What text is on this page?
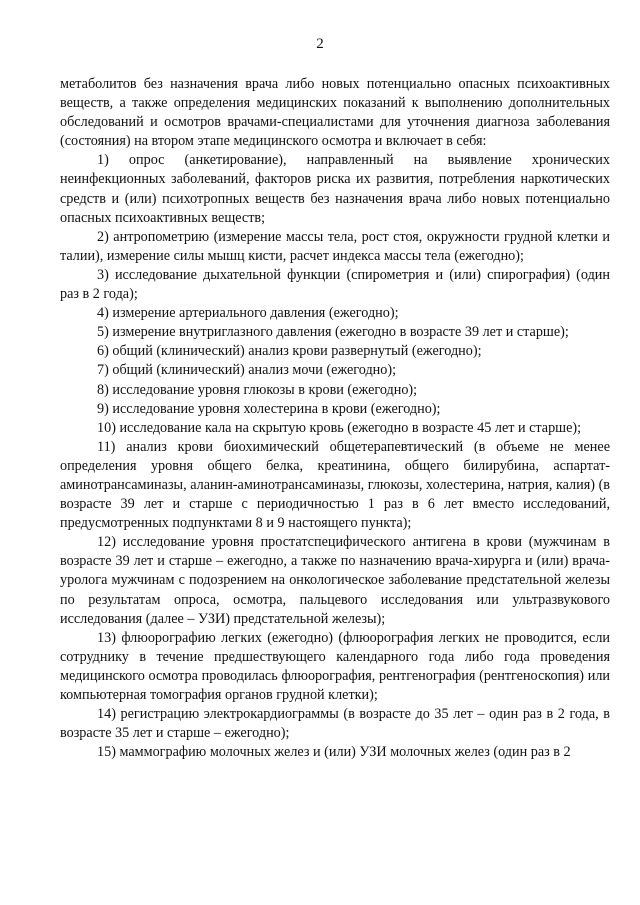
2

метаболитов без назначения врача либо новых потенциально опасных психоактивных веществ, а также определения медицинских показаний к выполнению дополнительных обследований и осмотров врачами-специалистами для уточнения диагноза заболевания (состояния) на втором этапе медицинского осмотра и включает в себя:

1) опрос (анкетирование), направленный на выявление хронических неинфекционных заболеваний, факторов риска их развития, потребления наркотических средств и (или) психотропных веществ без назначения врача либо новых потенциально опасных психоактивных веществ;

2) антропометрию (измерение массы тела, рост стоя, окружности грудной клетки и талии), измерение силы мышц кисти, расчет индекса массы тела (ежегодно);

3) исследование дыхательной функции (спирометрия и (или) спирография) (один раз в 2 года);

4) измерение артериального давления (ежегодно);

5) измерение внутриглазного давления (ежегодно в возрасте 39 лет и старше);

6) общий (клинический) анализ крови развернутый (ежегодно);

7) общий (клинический) анализ мочи (ежегодно);

8) исследование уровня глюкозы в крови (ежегодно);

9) исследование уровня холестерина в крови (ежегодно);

10) исследование кала на скрытую кровь (ежегодно в возрасте 45 лет и старше);

11) анализ крови биохимический общетерапевтический (в объеме не менее определения уровня общего белка, креатинина, общего билирубина, аспартат-аминотрансаминазы, аланин-аминотрансаминазы, глюкозы, холестерина, натрия, калия) (в возрасте 39 лет и старше с периодичностью 1 раз в 6 лет вместо исследований, предусмотренных подпунктами 8 и 9 настоящего пункта);

12) исследование уровня простатспецифического антигена в крови (мужчинам в возрасте 39 лет и старше – ежегодно, а также по назначению врача-хирурга и (или) врача-уролога мужчинам с подозрением на онкологическое заболевание предстательной железы по результатам опроса, осмотра, пальцевого исследования или ультразвукового исследования (далее – УЗИ) предстательной железы);

13) флюорографию легких (ежегодно) (флюорография легких не проводится, если сотруднику в течение предшествующего календарного года либо года проведения медицинского осмотра проводилась флюорография, рентгенография (рентгеноскопия) или компьютерная томография органов грудной клетки);

14) регистрацию электрокардиограммы (в возрасте до 35 лет – один раз в 2 года, в возрасте 35 лет и старше – ежегодно);

15) маммографию молочных желез и (или) УЗИ молочных желез (один раз в 2
